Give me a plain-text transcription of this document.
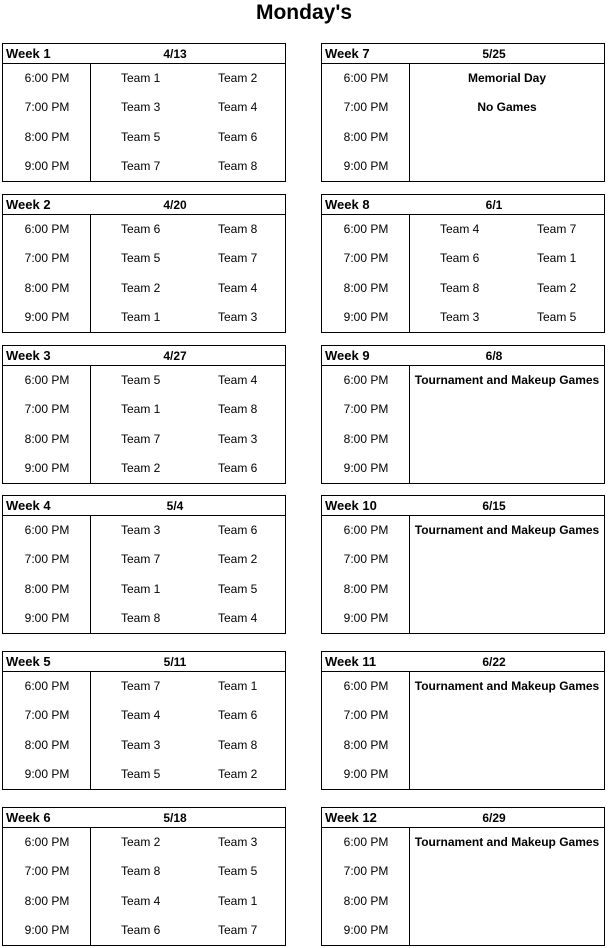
Monday's
Week 1	4/13
6:00 PM	Team 1	Team 2
7:00 PM	Team 3	Team 4
8:00 PM	Team 5	Team 6
9:00 PM	Team 7	Team 8
Week 7	5/25
6:00 PM	Memorial Day
7:00 PM	No Games
8:00 PM
9:00 PM
Week 2	4/20
6:00 PM	Team 6	Team 8
7:00 PM	Team 5	Team 7
8:00 PM	Team 2	Team 4
9:00 PM	Team 1	Team 3
Week 8	6/1
6:00 PM	Team 4	Team 7
7:00 PM	Team 6	Team 1
8:00 PM	Team 8	Team 2
9:00 PM	Team 3	Team 5
Week 3	4/27
6:00 PM	Team 5	Team 4
7:00 PM	Team 1	Team 8
8:00 PM	Team 7	Team 3
9:00 PM	Team 2	Team 6
Week 9	6/8
6:00 PM	Tournament and Makeup Games
7:00 PM
8:00 PM
9:00 PM
Week 4	5/4
6:00 PM	Team 3	Team 6
7:00 PM	Team 7	Team 2
8:00 PM	Team 1	Team 5
9:00 PM	Team 8	Team 4
Week 10	6/15
6:00 PM	Tournament and Makeup Games
7:00 PM
8:00 PM
9:00 PM
Week 5	5/11
6:00 PM	Team 7	Team 1
7:00 PM	Team 4	Team 6
8:00 PM	Team 3	Team 8
9:00 PM	Team 5	Team 2
Week 11	6/22
6:00 PM	Tournament and Makeup Games
7:00 PM
8:00 PM
9:00 PM
Week 6	5/18
6:00 PM	Team 2	Team 3
7:00 PM	Team 8	Team 5
8:00 PM	Team 4	Team 1
9:00 PM	Team 6	Team 7
Week 12	6/29
6:00 PM	Tournament and Makeup Games
7:00 PM
8:00 PM
9:00 PM
